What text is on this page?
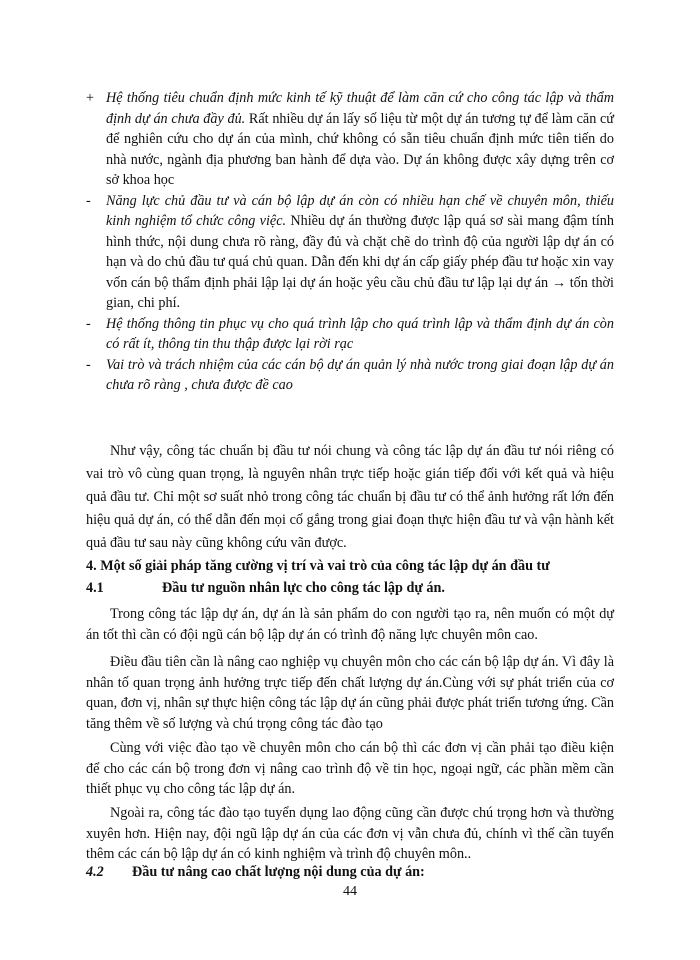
+ Hệ thống tiêu chuẩn định mức kinh tế kỹ thuật để làm căn cứ cho công tác lập và thẩm định dự án chưa đầy đủ. Rất nhiều dự án lấy số liệu từ một dự án tương tự để làm căn cứ để nghiên cứu cho dự án của mình, chứ không có sẵn tiêu chuẩn định mức tiên tiến do nhà nước, ngành địa phương ban hành để dựa vào. Dự án không được xây dựng trên cơ sở khoa học
- Năng lực chủ đầu tư và cán bộ lập dự án còn có nhiều hạn chế về chuyên môn, thiếu kinh nghiệm tổ chức công việc. Nhiều dự án thường được lập quá sơ sài mang đậm tính hình thức, nội dung chưa rõ ràng, đầy đủ và chặt chẽ do trình độ của người lập dự án có hạn và do chủ đầu tư quá chủ quan. Dẫn đến khi dự án cấp giấy phép đầu tư hoặc xin vay vốn cán bộ thẩm định phải lập lại dự án hoặc yêu cầu chủ đầu tư lập lại dự án → tốn thời gian, chi phí.
- Hệ thống thông tin phục vụ cho quá trình lập cho quá trình lập và thẩm định dự án còn có rất ít, thông tin thu thập được lại rời rạc
- Vai trò và trách nhiệm của các cán bộ dự án quản lý nhà nước trong giai đoạn lập dự án chưa rõ ràng , chưa được đề cao
Như vậy, công tác chuẩn bị đầu tư nói chung và công tác lập dự án đầu tư nói riêng có vai trò vô cùng quan trọng, là nguyên nhân trực tiếp hoặc gián tiếp đối với kết quả và hiệu quả đầu tư. Chỉ một sơ suất nhỏ trong công tác chuẩn bị đầu tư có thể ảnh hưởng rất lớn đến hiệu quả dự án, có thể dẫn đến mọi cố gắng trong giai đoạn thực hiện đầu tư và vận hành kết quả đầu tư sau này cũng không cứu vãn được.
4. Một số giải pháp tăng cường vị trí và vai trò của công tác lập dự án đầu tư
4.1	Đầu tư nguồn nhân lực cho công tác lập dự án.
Trong công tác lập dự án, dự án là sản phẩm do con người tạo ra, nên muốn có một dự án tốt thì cần có đội ngũ cán bộ lập dự án có trình độ năng lực chuyên môn cao.
Điều đầu tiên cần là nâng cao nghiệp vụ chuyên môn cho các cán bộ lập dự án. Vì đây là nhân tố quan trọng ảnh hưởng trực tiếp đến chất lượng dự án.Cùng với sự phát triển của cơ quan, đơn vị, nhân sự thực hiện công tác lập dự án cũng phải được phát triển tương ứng. Cần tăng thêm về số lượng và chú trọng công tác đào tạo
Cùng với việc đào tạo về chuyên môn cho cán bộ thì các đơn vị cần phải tạo điều kiện để cho các cán bộ trong đơn vị nâng cao trình độ về tin học, ngoại ngữ, các phần mềm cần thiết phục vụ cho công tác lập dự án.
Ngoài ra, công tác đào tạo tuyển dụng lao động cũng cần được chú trọng hơn và thường xuyên hơn. Hiện nay, đội ngũ lập dự án của các đơn vị vẫn chưa đủ, chính vì thế cần tuyển thêm các cán bộ lập dự án có kinh nghiệm và trình độ chuyên môn..
4.2 Đầu tư nâng cao chất lượng nội dung của dự án:
44
